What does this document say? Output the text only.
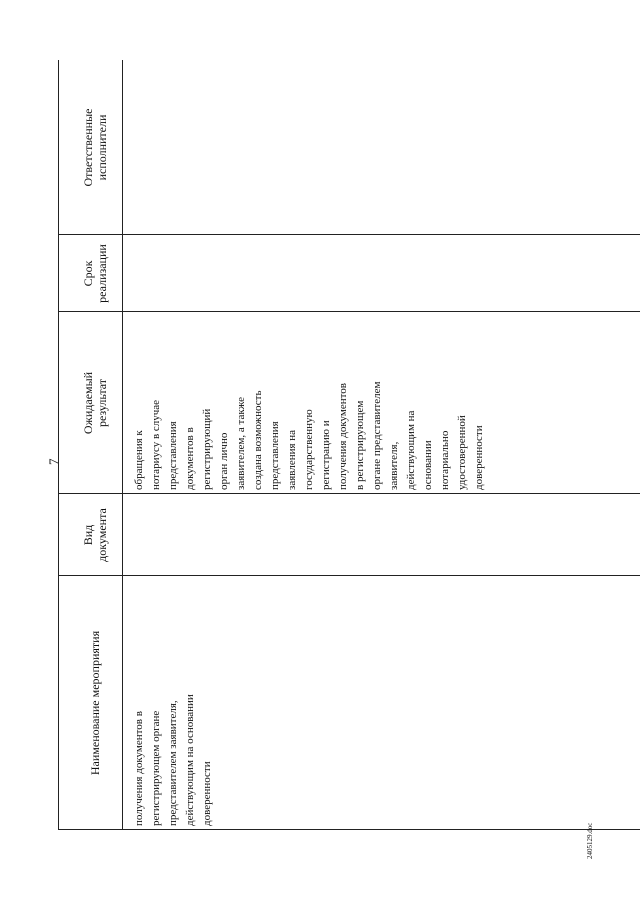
7
Наименование мероприятия
Вид документа
Ожидаемый результат
Срок реализации
Ответственные исполнители
получения документов в регистрирующем органе представителем заявителя, действующим на основании доверенности
обращения к нотариусу в случае представления документов в регистрирующий орган лично заявителем, а также создана возможность представления заявления на государственную регистрацию и получения документов в регистрирующем органе представителем заявителя, действующим на основании нотариально удостоверенной доверенности
2405129.doc
